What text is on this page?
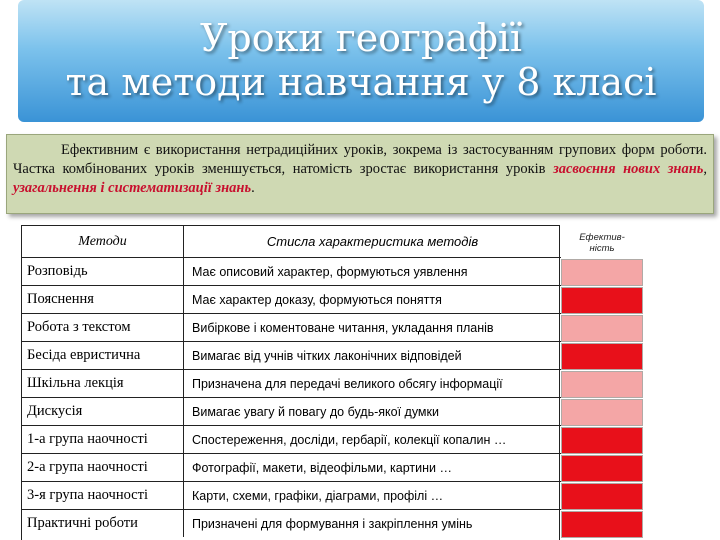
Уроки географії
та методи навчання у 8 класі
Ефективним є використання нетрадиційних уроків, зокрема із застосуванням групових форм роботи. Частка комбінованих уроків зменшується, натомість зростає використання уроків засвоєння нових знань, узагальнення і систематизації знань.
Методи	Стисла характеристика методів
Розповідь	Має описовий характер, формуються уявлення
Пояснення	Має характер доказу, формуються поняття
Робота з текстом	Вибіркове і коментоване читання, укладання планів
Бесіда евристична	Вимагає від учнів чітких лаконічних відповідей
Шкільна лекція	Призначена для передачі великого обсягу інформації
Дискусія	Вимагає увагу й повагу до будь-якої думки
1-а група наочності	Спостереження, досліди, гербарії, колекції копалин …
2-а група наочності	Фотографії, макети, відеофільми, картини …
3-я група наочності	Карти, схеми, графіки, діаграми, профілі …
Практичні роботи	Призначені для формування і закріплення умінь
Ефектив-
ність
